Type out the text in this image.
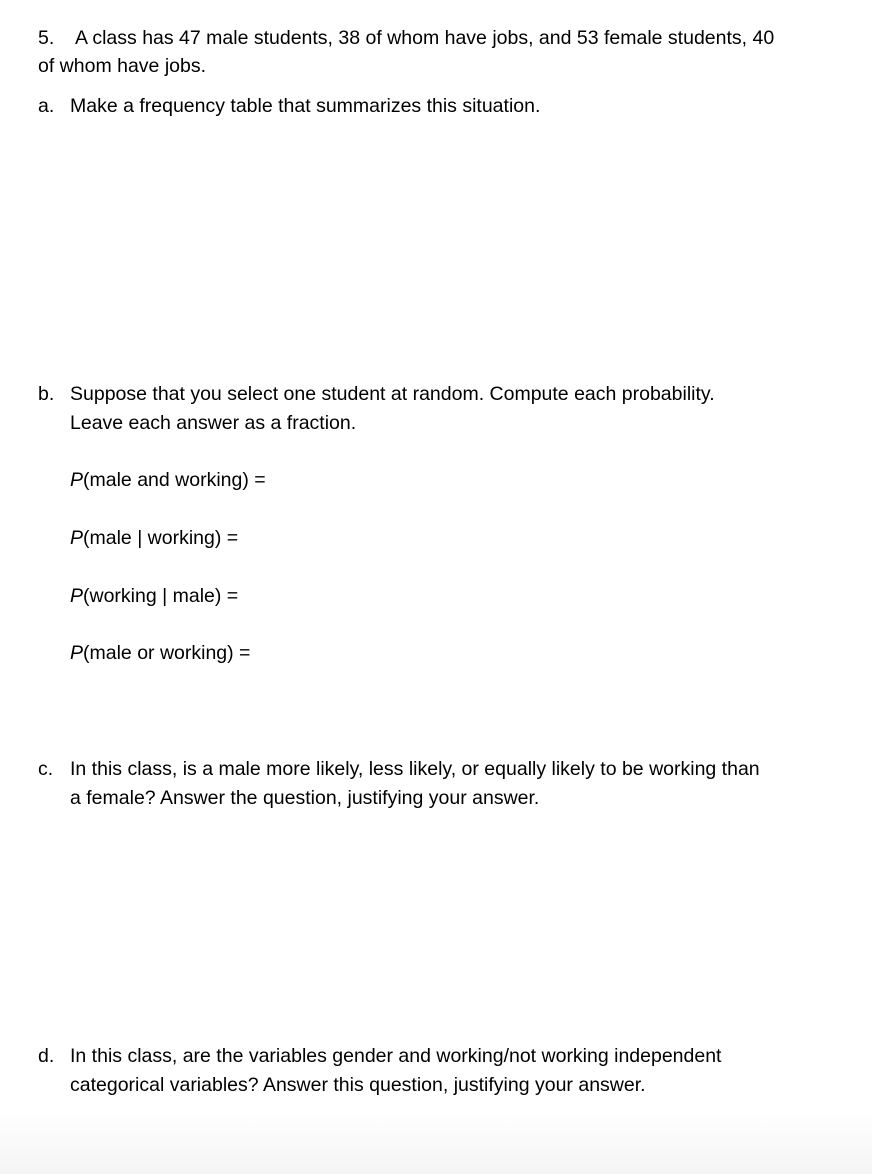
5. A class has 47 male students, 38 of whom have jobs, and 53 female students, 40
of whom have jobs.
a. Make a frequency table that summarizes this situation.
b. Suppose that you select one student at random. Compute each probability.
Leave each answer as a fraction.
P(male and working) =
P(male | working) =
P(working | male) =
P(male or working) =
c. In this class, is a male more likely, less likely, or equally likely to be working than
a female? Answer the question, justifying your answer.
d. In this class, are the variables gender and working/not working independent
categorical variables? Answer this question, justifying your answer.
